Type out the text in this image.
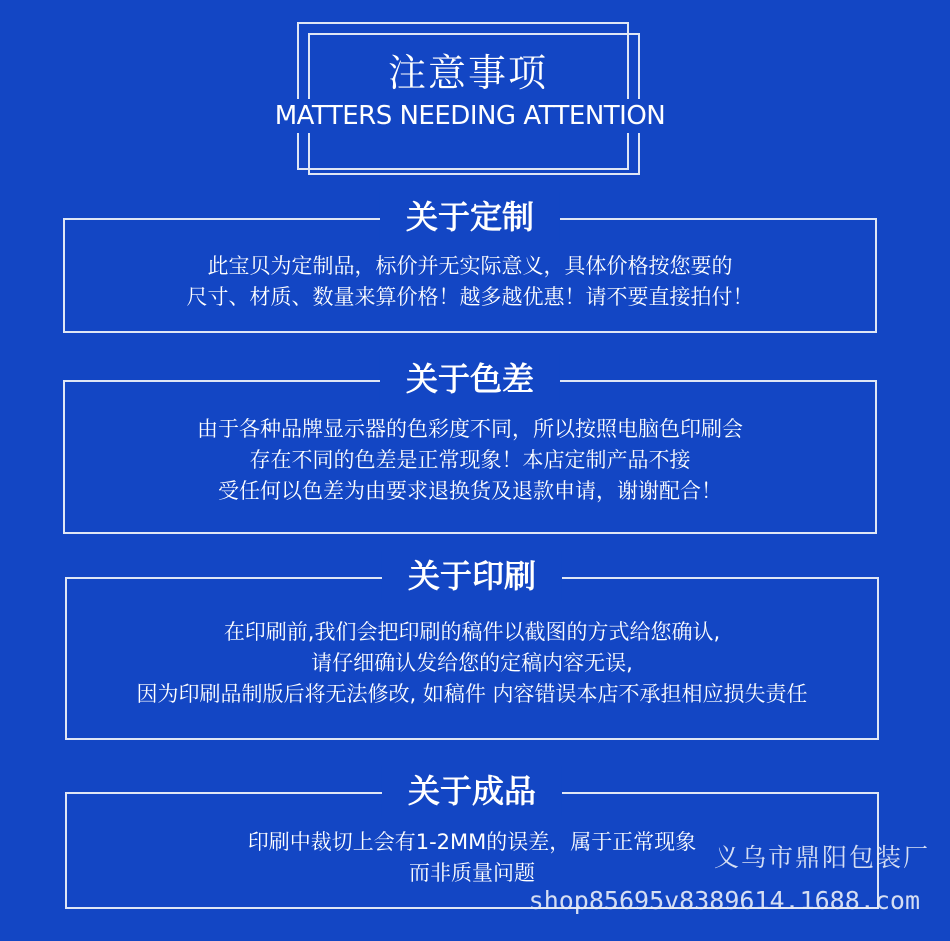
注意事项
MATTERS NEEDING ATTENTION
关于定制
此宝贝为定制品，标价并无实际意义，具体价格按您要的
尺寸、材质、数量来算价格！越多越优惠！请不要直接拍付！
关于色差
由于各种品牌显示器的色彩度不同，所以按照电脑色印刷会
存在不同的色差是正常现象！本店定制产品不接
受任何以色差为由要求退换货及退款申请，谢谢配合！
关于印刷
在印刷前,我们会把印刷的稿件以截图的方式给您确认,
请仔细确认发给您的定稿内容无误,
因为印刷品制版后将无法修改, 如稿件 内容错误本店不承担相应损失责任
关于成品
印刷中裁切上会有1-2MM的误差，属于正常现象
而非质量问题
义乌市鼎阳包装厂
shop85695v8389614.1688.com
